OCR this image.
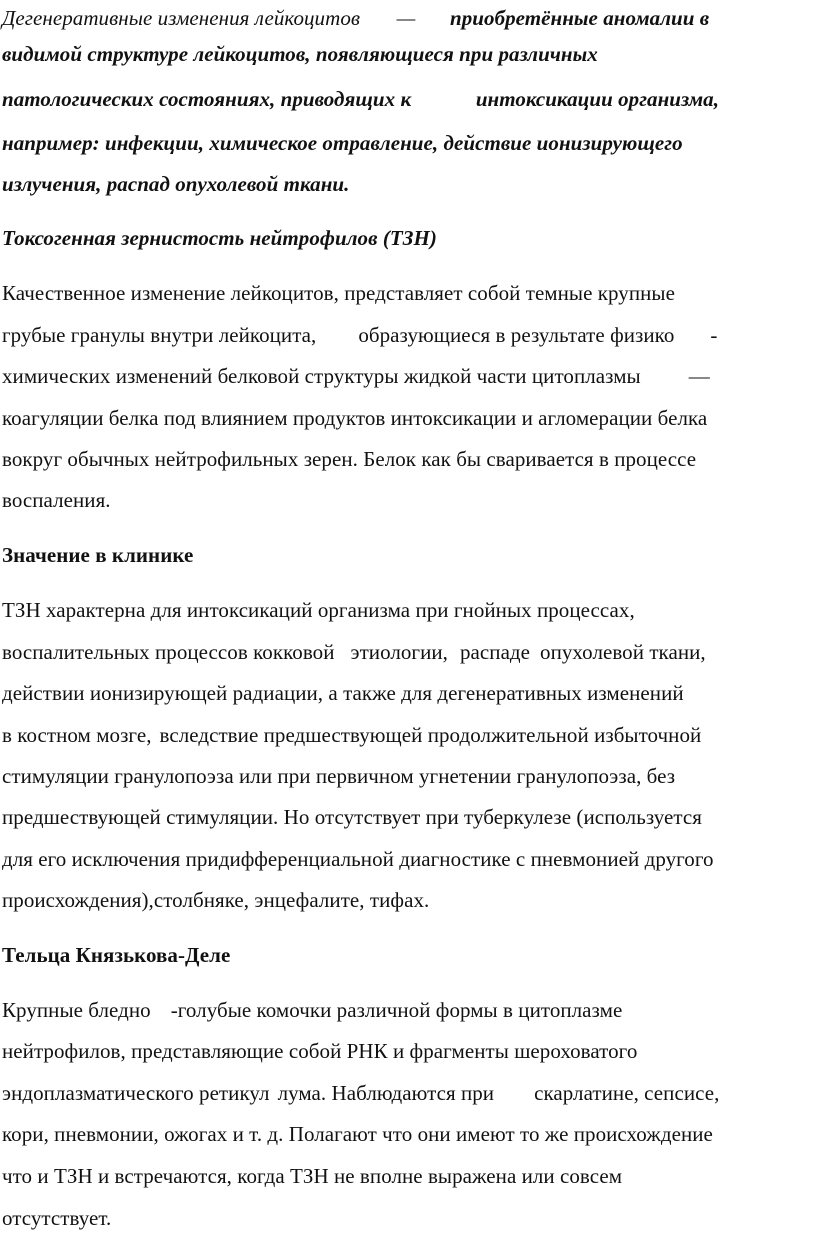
Дегенеративные изменения лейкоцитов — приобретённые аномалии в
видимой структуре лейкоцитов, появляющиеся при различных
патологических состояниях, приводящих к	интоксикации организма,
например: инфекции, химическое отравление, действие ионизирующего
излучения, распад опухолевой ткани.
Токсогенная зернистость нейтрофилов (ТЗН)
Качественное изменение лейкоцитов, представляет собой темные крупные
грубые гранулы внутри лейкоцита, образующиеся в результате физико -
химических изменений белковой структуры жидкой части цитоплазмы —
коагуляции белка под влиянием продуктов интоксикации и агломерации белка
вокруг обычных нейтрофильных зерен. Белок как бы сваривается в процессе
воспаления.
Значение в клинике
ТЗН характерна для интоксикаций организма при гнойных процессах,
воспалительных процессов кокковой этиологии, распаде опухолевой ткани,
действии ионизирующей радиации, а также для дегенеративных изменений
в костном мозге, вследствие предшествующей продолжительной избыточной
стимуляции гранулопоэза или при первичном угнетении гранулопоэза, без
предшествующей стимуляции. Но отсутствует при туберкулезе (используется
для его исключения придифференциальной диагностике с пневмонией другого
происхождения),столбняке, энцефалите, тифах.
Тельца Князькова-Деле
Крупные бледно -голубые комочки различной формы в цитоплазме
нейтрофилов, представляющие собой РНК и фрагменты шероховатого
эндоплазматического ретикул лума. Наблюдаются при скарлатине, сепсисе,
кори, пневмонии, ожогах и т. д. Полагают что они имеют то же происхождение
что и ТЗН и встречаются, когда ТЗН не вполне выражена или совсем
отсутствует.
